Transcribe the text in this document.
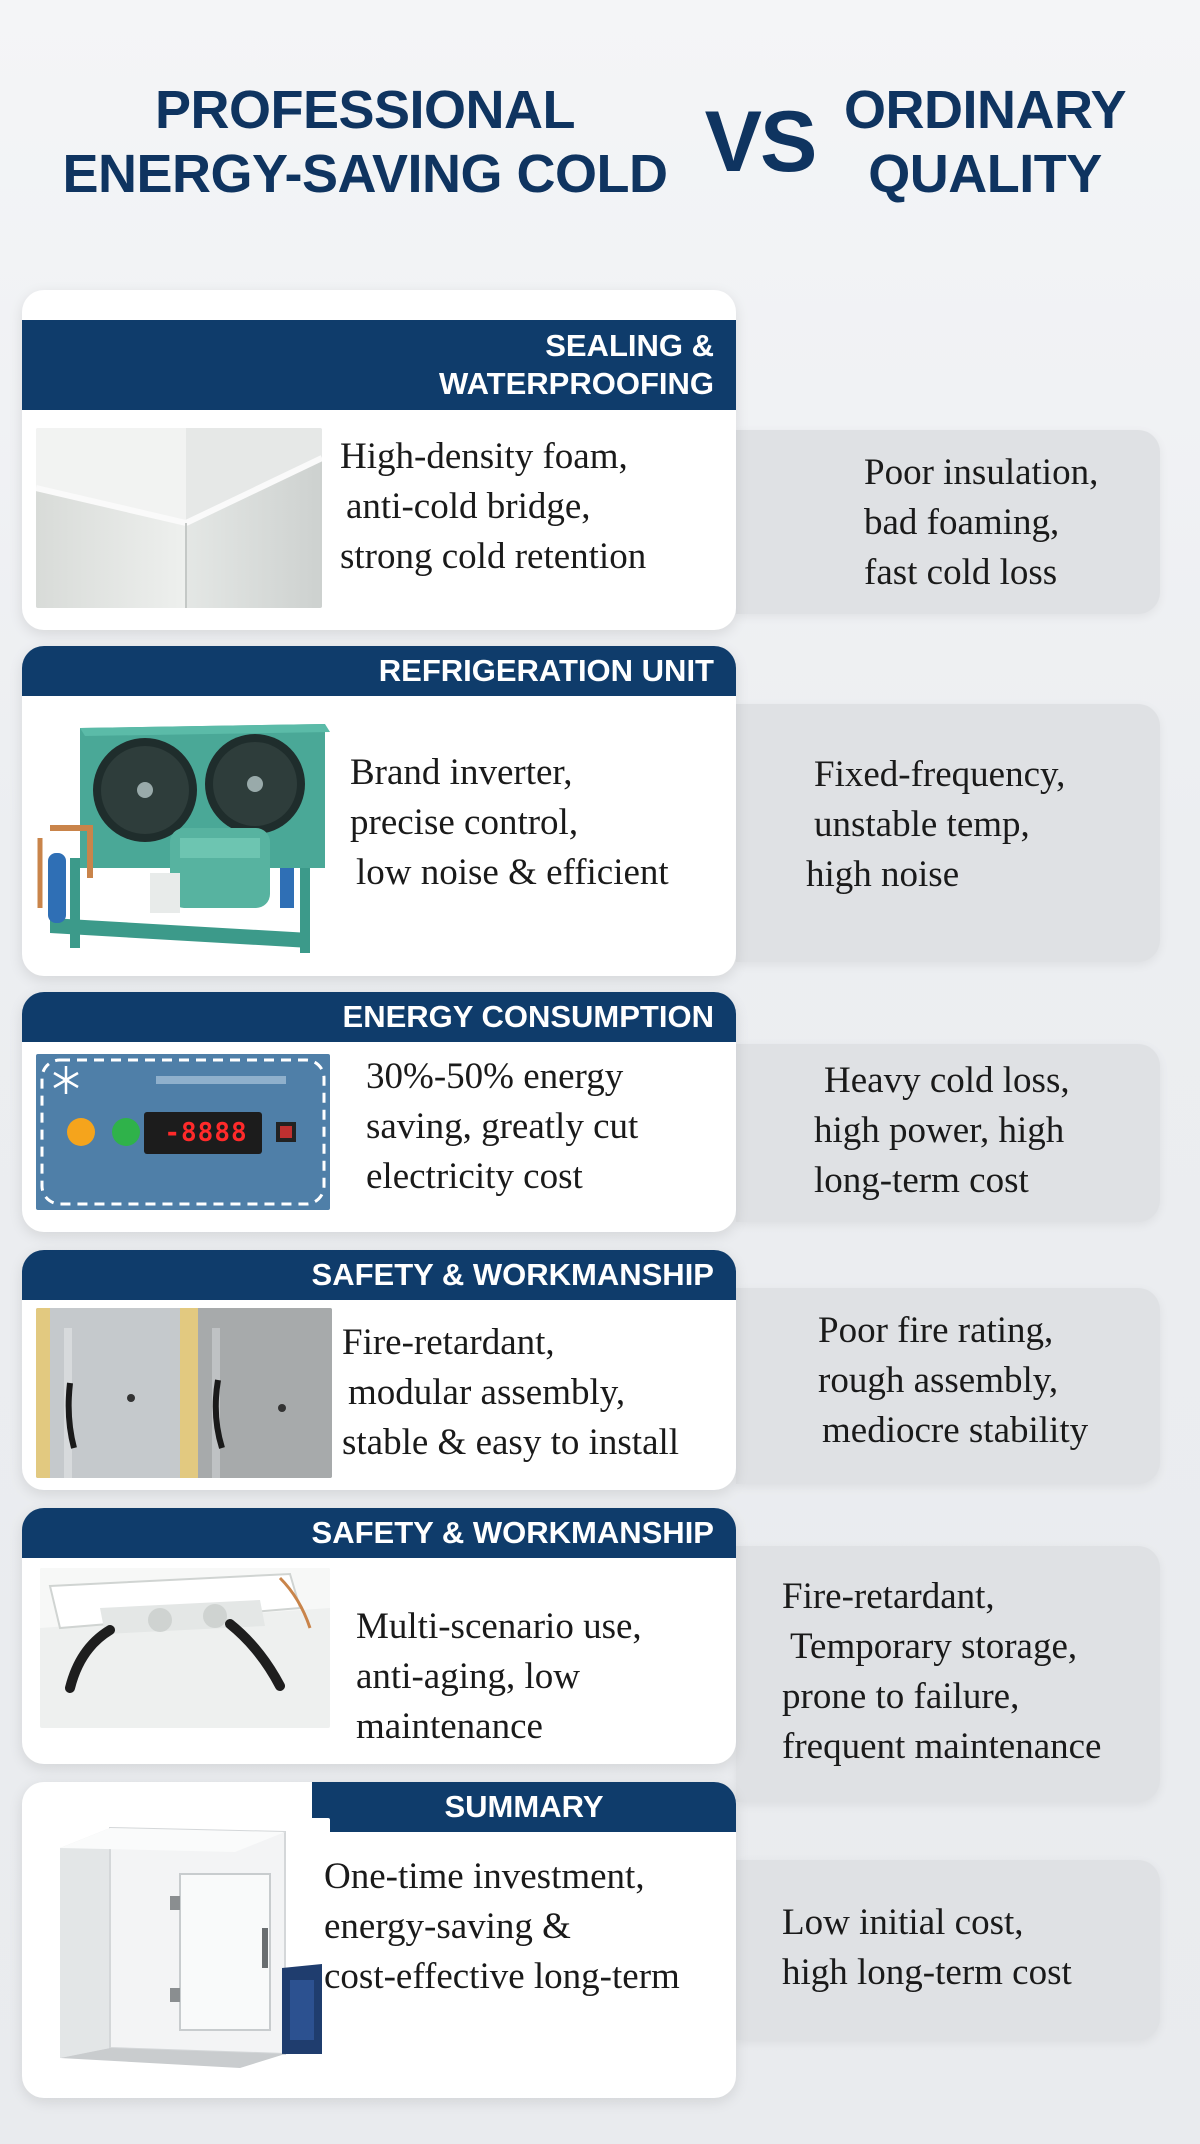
PROFESSIONAL
ENERGY-SAVING COLD VS ORDINARY
QUALITY
Poor insulation,
bad foaming,
fast cold loss
SEALING &
WATERPROOFING
High-density foam,
anti-cold bridge,
strong cold retention
Fixed-frequency,
unstable temp,
high noise
REFRIGERATION UNIT
Brand inverter,
precise control,
low noise & efficient
Heavy cold loss,
high power, high
long-term cost
ENERGY CONSUMPTION
-8888
30%-50% energy
saving, greatly cut
electricity cost
Poor fire rating,
rough assembly,
mediocre stability
SAFETY & WORKMANSHIP
Fire-retardant,
modular assembly,
stable & easy to install
Fire-retardant,
Temporary storage,
prone to failure,
frequent maintenance
SAFETY & WORKMANSHIP
Multi-scenario use,
anti-aging, low
maintenance
Low initial cost,
high long-term cost
SUMMARY
One-time investment,
energy-saving &
cost-effective long-term
